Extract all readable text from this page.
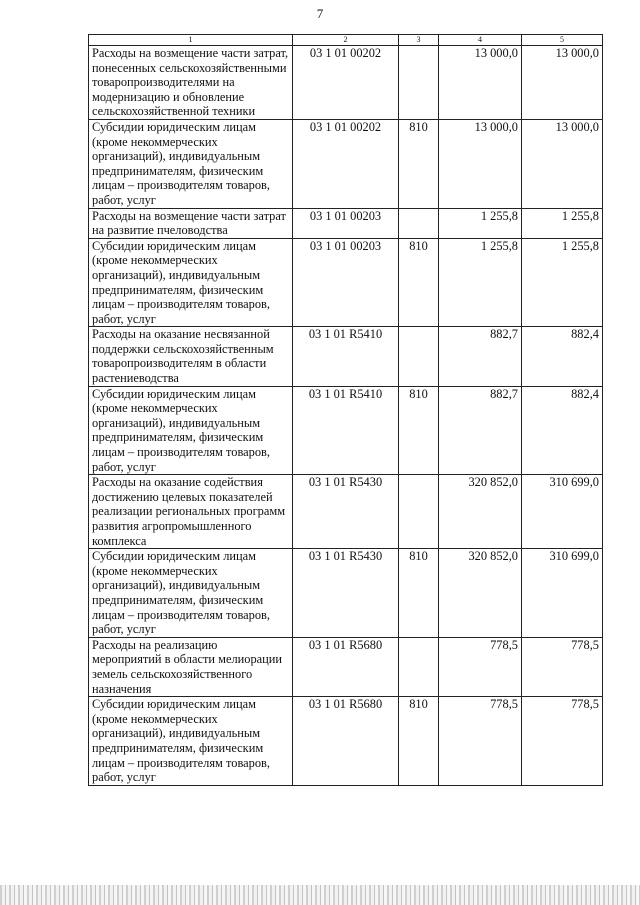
7
1	2	3	4	5
Расходы на возмещение части затрат, понесенных сельскохозяйственными товаропроизводителями на модернизацию и обновление сельскохозяйственной техники	03 1 01 00202		13 000,0	13 000,0
Субсидии юридическим лицам (кроме некоммерческих организаций), индивидуальным предпринимателям, физическим лицам – производителям товаров, работ, услуг	03 1 01 00202	810	13 000,0	13 000,0
Расходы на возмещение части затрат на развитие пчеловодства	03 1 01 00203		1 255,8	1 255,8
Субсидии юридическим лицам (кроме некоммерческих организаций), индивидуальным предпринимателям, физическим лицам – производителям товаров, работ, услуг	03 1 01 00203	810	1 255,8	1 255,8
Расходы на оказание несвязанной поддержки сельскохозяйственным товаропроизводителям в области растениеводства	03 1 01 R5410		882,7	882,4
Субсидии юридическим лицам (кроме некоммерческих организаций), индивидуальным предпринимателям, физическим лицам – производителям товаров, работ, услуг	03 1 01 R5410	810	882,7	882,4
Расходы на оказание содействия достижению целевых показателей реализации региональных программ развития агропромышленного комплекса	03 1 01 R5430		320 852,0	310 699,0
Субсидии юридическим лицам (кроме некоммерческих организаций), индивидуальным предпринимателям, физическим лицам – производителям товаров, работ, услуг	03 1 01 R5430	810	320 852,0	310 699,0
Расходы на реализацию мероприятий в области мелиорации земель сельскохозяйственного назначения	03 1 01 R5680		778,5	778,5
Субсидии юридическим лицам (кроме некоммерческих организаций), индивидуальным предпринимателям, физическим лицам – производителям товаров, работ, услуг	03 1 01 R5680	810	778,5	778,5
